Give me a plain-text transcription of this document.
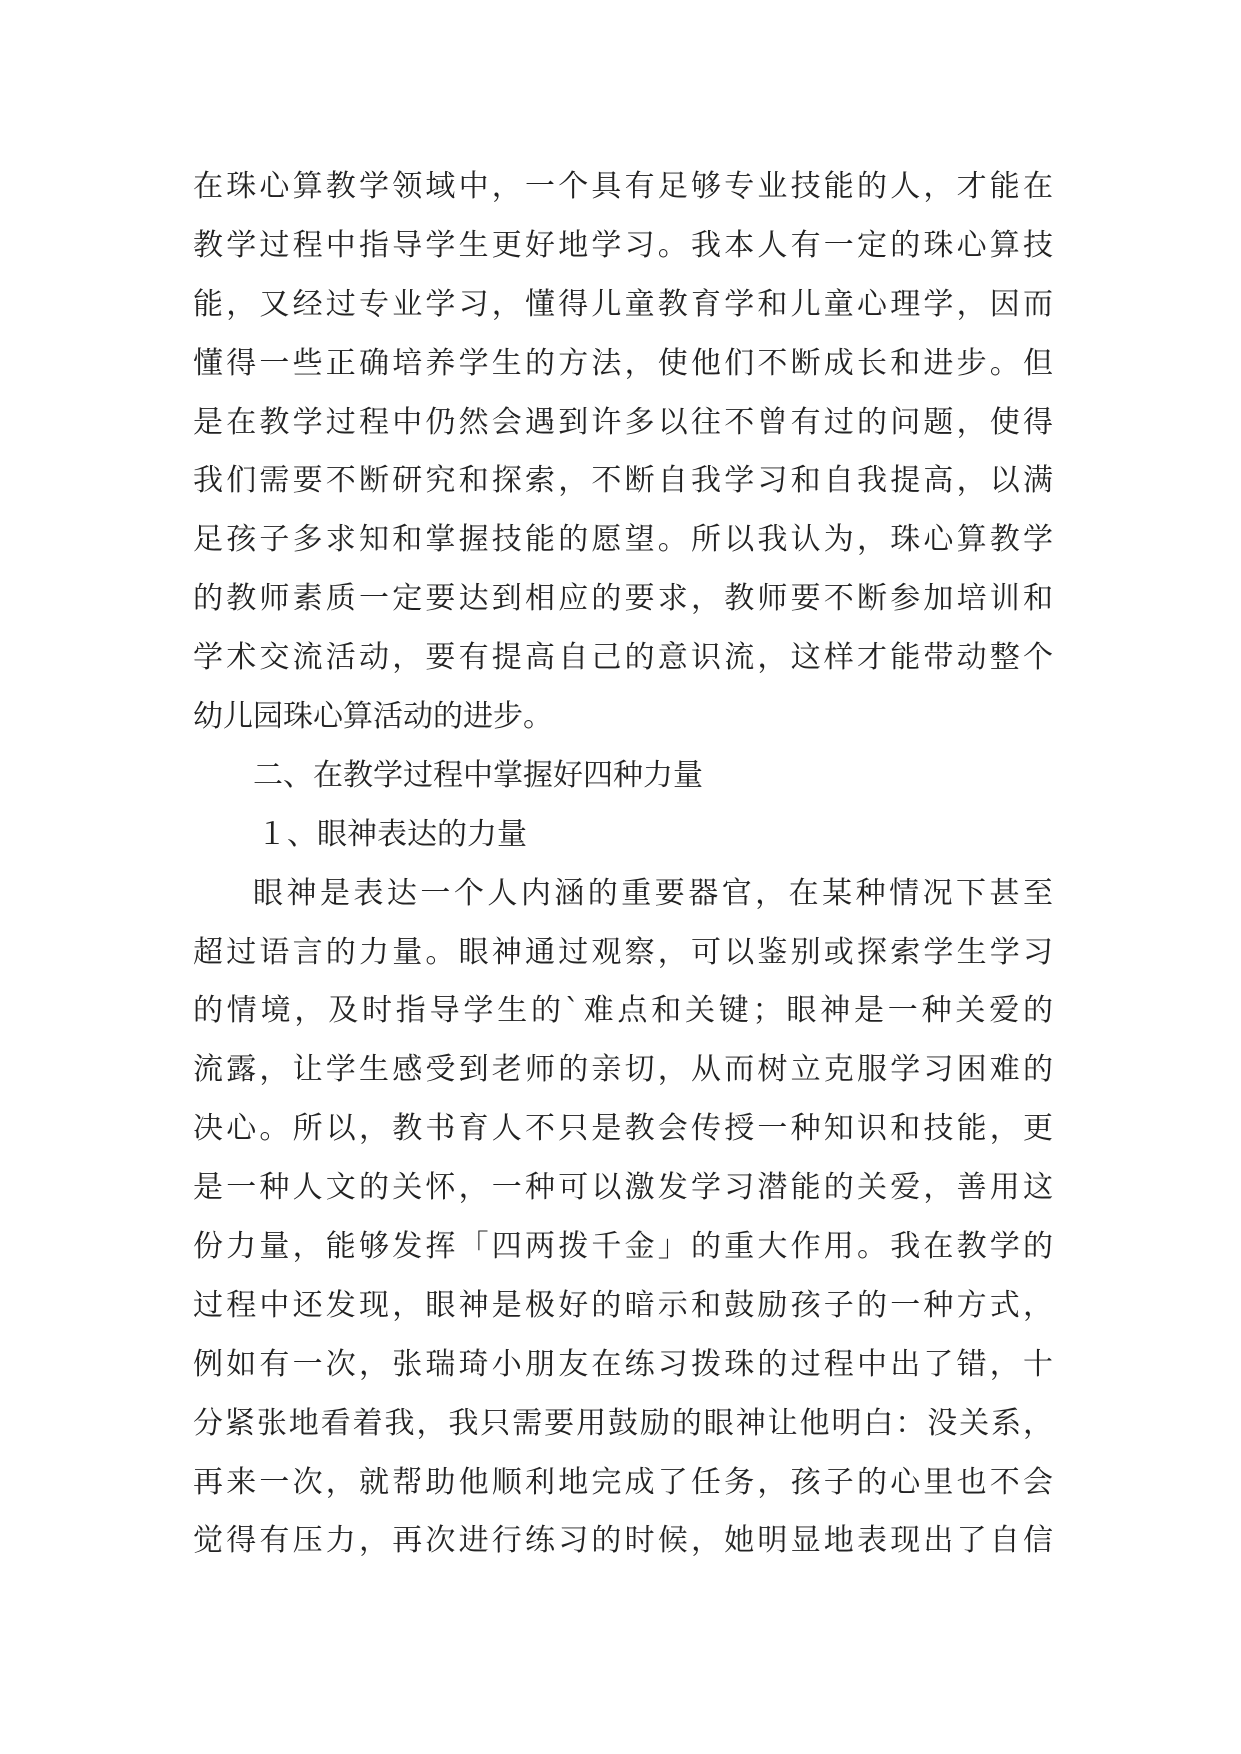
在珠心算教学领域中，一个具有足够专业技能的人，才能在
教学过程中指导学生更好地学习。我本人有一定的珠心算技
能，又经过专业学习，懂得儿童教育学和儿童心理学，因而
懂得一些正确培养学生的方法，使他们不断成长和进步。但
是在教学过程中仍然会遇到许多以往不曾有过的问题，使得
我们需要不断研究和探索，不断自我学习和自我提高，以满
足孩子多求知和掌握技能的愿望。所以我认为，珠心算教学
的教师素质一定要达到相应的要求，教师要不断参加培训和
学术交流活动，要有提高自己的意识流，这样才能带动整个
幼儿园珠心算活动的进步。
二、在教学过程中掌握好四种力量
１、眼神表达的力量
眼神是表达一个人内涵的重要器官，在某种情况下甚至
超过语言的力量。眼神通过观察，可以鉴别或探索学生学习
的情境，及时指导学生的`难点和关键；眼神是一种关爱的
流露，让学生感受到老师的亲切，从而树立克服学习困难的
决心。所以，教书育人不只是教会传授一种知识和技能，更
是一种人文的关怀，一种可以激发学习潜能的关爱，善用这
份力量，能够发挥「四两拨千金」的重大作用。我在教学的
过程中还发现，眼神是极好的暗示和鼓励孩子的一种方式，
例如有一次，张瑞琦小朋友在练习拨珠的过程中出了错，十
分紧张地看着我，我只需要用鼓励的眼神让他明白：没关系，
再来一次，就帮助他顺利地完成了任务，孩子的心里也不会
觉得有压力，再次进行练习的时候，她明显地表现出了自信
